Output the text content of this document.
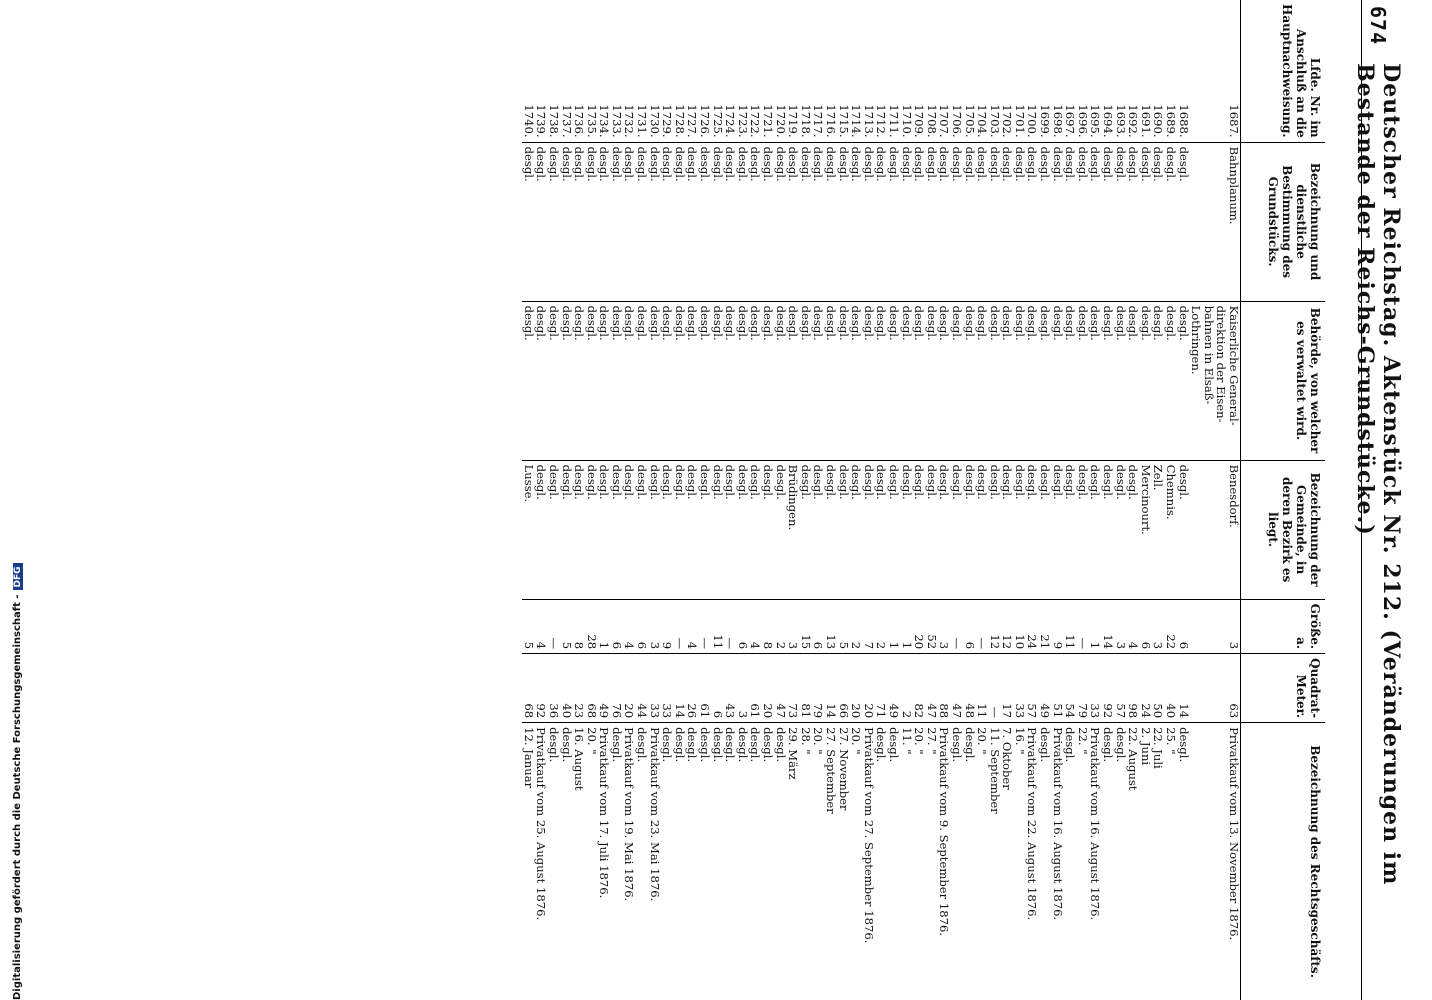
674
Deutscher Reichstag. Aktenstück Nr. 212. (Veränderungen im Bestande der Reichs-Grundstücke.)
Lfde. Nr. im Anschluß an die Hauptnachweisung.	Bezeichnung und dienstliche Bestimmung des Grundstücks.	Behörde, von welcher es verwaltet wird.	Bezeichnung der Gemeinde, in deren Bezirk es liegt.	Größe.
a.	Quadrat-Meter.	Bezeichnung des Rechtsgeschäfts.
1687.	Bahnplanum.	Kaiserliche General-	Benesdorf.	3	63	Privatkauf vom 13. November 1876.
		direktion der Eisen-				
		bahnen in Elsaß-				
		Lothringen.				
1688.	desgl.	desgl.	desgl.	6	14	desgl.
1689.	desgl.	desgl.	Chemnis.	22	40	25. "
1690.	desgl.	desgl.	Zell.	3	50	22. Juli
1691.	desgl.	desgl.	Mercinourt.	6	24	2. Juni
1692.	desgl.	desgl.	desgl.	4	98	22. August
1693.	desgl.	desgl.	desgl.	3	57	desgl.
1694.	desgl.	desgl.	desgl.	14	92	desgl.
1695.	desgl.	desgl.	desgl.	1	33	Privatkauf vom 16. August 1876.
1696.	desgl.	desgl.	desgl.	—	79	22. "
1697.	desgl.	desgl.	desgl.	11	54	desgl.
1698.	desgl.	desgl.	desgl.	9	51	Privatkauf vom 16. August 1876.
1699.	desgl.	desgl.	desgl.	21	49	desgl.
1700.	desgl.	desgl.	desgl.	24	57	Privatkauf vom 22. August 1876.
1701.	desgl.	desgl.	desgl.	10	33	16. "
1702.	desgl.	desgl.	desgl.	12	17	7. Oktober
1703.	desgl.	desgl.	desgl.	12	—	11. September
1704.	desgl.	desgl.	desgl.	—	11	20. "
1705.	desgl.	desgl.	desgl.	6	48	desgl.
1706.	desgl.	desgl.	desgl.	—	47	desgl.
1707.	desgl.	desgl.	desgl.	3	88	Privatkauf vom 9. September 1876.
1708.	desgl.	desgl.	desgl.	52	47	27. "
1709.	desgl.	desgl.	desgl.	20	82	20. "
1710.	desgl.	desgl.	desgl.	1	2	11. "
1711.	desgl.	desgl.	desgl.	1	49	desgl.
1712.	desgl.	desgl.	desgl.	2	71	desgl.
1713.	desgl.	desgl.	desgl.	7	20	Privatkauf vom 27. September 1876.
1714.	desgl.	desgl.	desgl.	2	20	20. "
1715.	desgl.	desgl.	desgl.	5	66	27. November
1716.	desgl.	desgl.	desgl.	13	14	27. September
1717.	desgl.	desgl.	desgl.	6	79	20. "
1718.	desgl.	desgl.	desgl.	15	81	28. "
1719.	desgl.	desgl.	Brüdingen.	3	73	29. März
1720.	desgl.	desgl.	desgl.	2	47	desgl.
1721.	desgl.	desgl.	desgl.	8	20	desgl.
1722.	desgl.	desgl.	desgl.	4	61	desgl.
1723.	desgl.	desgl.	desgl.	6	3	desgl.
1724.	desgl.	desgl.	desgl.	—	43	desgl.
1725.	desgl.	desgl.	desgl.	11	6	desgl.
1726.	desgl.	desgl.	desgl.	—	61	desgl.
1727.	desgl.	desgl.	desgl.	4	26	desgl.
1728.	desgl.	desgl.	desgl.	—	14	desgl.
1729.	desgl.	desgl.	desgl.	9	33	desgl.
1730.	desgl.	desgl.	desgl.	3	33	Privatkauf vom 23. Mai 1876.
1731.	desgl.	desgl.	desgl.	6	44	desgl.
1732.	desgl.	desgl.	desgl.	4	20	Privatkauf vom 19. Mai 1876.
1733.	desgl.	desgl.	desgl.	6	76	desgl.
1734.	desgl.	desgl.	desgl.	1	49	Privatkauf vom 17. Juli 1876.
1735.	desgl.	desgl.	desgl.	28	68	20. "
1736.	desgl.	desgl.	desgl.	8	23	16. August
1737.	desgl.	desgl.	desgl.	5	40	desgl.
1738.	desgl.	desgl.	desgl.	—	36	desgl.
1739.	desgl.	desgl.	desgl.	4	92	Privatkauf vom 25. August 1876.
1740.	desgl.	desgl.	Lusse.	5	68	12. Januar
Digitalisierung gefördert durch die Deutsche Forschungsgemeinschaft -DFG
